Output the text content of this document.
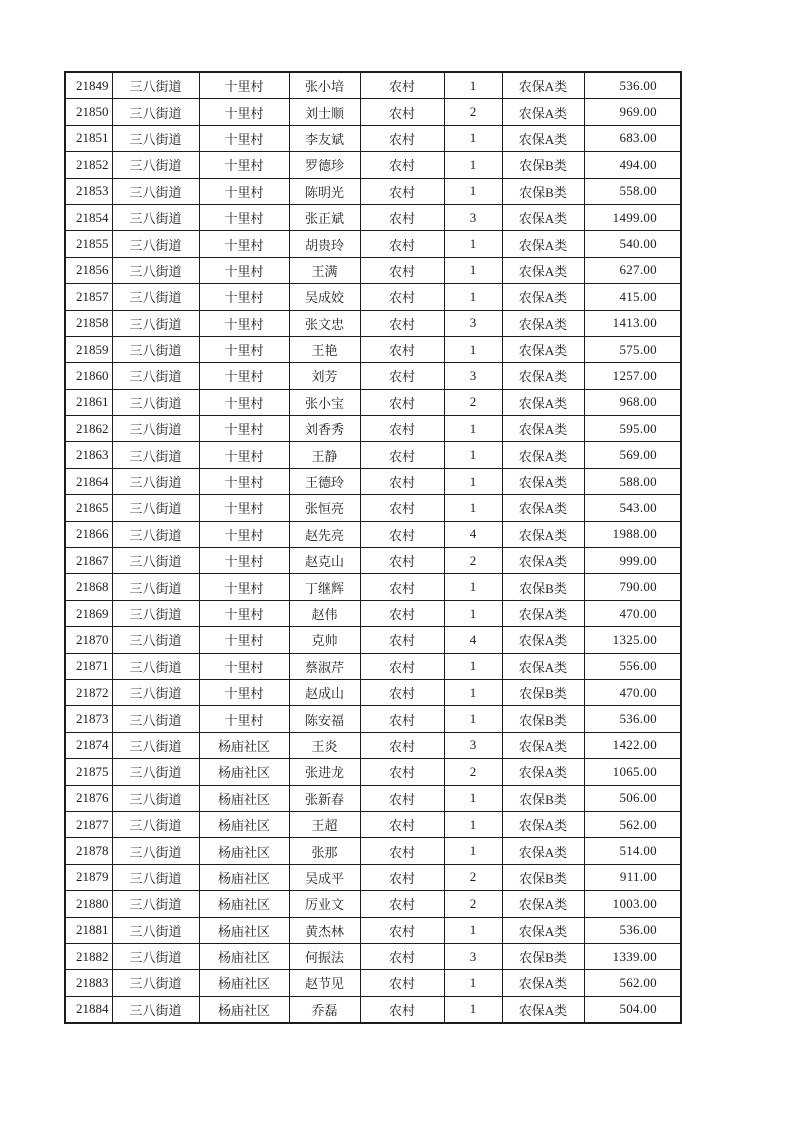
21849	三八街道	十里村	张小培	农村	1	农保A类	536.00
21850	三八街道	十里村	刘士顺	农村	2	农保A类	969.00
21851	三八街道	十里村	李友斌	农村	1	农保A类	683.00
21852	三八街道	十里村	罗德珍	农村	1	农保B类	494.00
21853	三八街道	十里村	陈明光	农村	1	农保B类	558.00
21854	三八街道	十里村	张正斌	农村	3	农保A类	1499.00
21855	三八街道	十里村	胡贵玲	农村	1	农保A类	540.00
21856	三八街道	十里村	王满	农村	1	农保A类	627.00
21857	三八街道	十里村	吴成姣	农村	1	农保A类	415.00
21858	三八街道	十里村	张文忠	农村	3	农保A类	1413.00
21859	三八街道	十里村	王艳	农村	1	农保A类	575.00
21860	三八街道	十里村	刘芳	农村	3	农保A类	1257.00
21861	三八街道	十里村	张小宝	农村	2	农保A类	968.00
21862	三八街道	十里村	刘香秀	农村	1	农保A类	595.00
21863	三八街道	十里村	王静	农村	1	农保A类	569.00
21864	三八街道	十里村	王德玲	农村	1	农保A类	588.00
21865	三八街道	十里村	张恒亮	农村	1	农保A类	543.00
21866	三八街道	十里村	赵先亮	农村	4	农保A类	1988.00
21867	三八街道	十里村	赵克山	农村	2	农保A类	999.00
21868	三八街道	十里村	丁继辉	农村	1	农保B类	790.00
21869	三八街道	十里村	赵伟	农村	1	农保A类	470.00
21870	三八街道	十里村	克帅	农村	4	农保A类	1325.00
21871	三八街道	十里村	蔡淑芹	农村	1	农保A类	556.00
21872	三八街道	十里村	赵成山	农村	1	农保B类	470.00
21873	三八街道	十里村	陈安福	农村	1	农保B类	536.00
21874	三八街道	杨庙社区	王炎	农村	3	农保A类	1422.00
21875	三八街道	杨庙社区	张进龙	农村	2	农保A类	1065.00
21876	三八街道	杨庙社区	张新春	农村	1	农保B类	506.00
21877	三八街道	杨庙社区	王超	农村	1	农保A类	562.00
21878	三八街道	杨庙社区	张那	农村	1	农保A类	514.00
21879	三八街道	杨庙社区	吴成平	农村	2	农保B类	911.00
21880	三八街道	杨庙社区	厉业文	农村	2	农保A类	1003.00
21881	三八街道	杨庙社区	黄杰林	农村	1	农保A类	536.00
21882	三八街道	杨庙社区	何振法	农村	3	农保B类	1339.00
21883	三八街道	杨庙社区	赵节见	农村	1	农保A类	562.00
21884	三八街道	杨庙社区	乔磊	农村	1	农保A类	504.00
